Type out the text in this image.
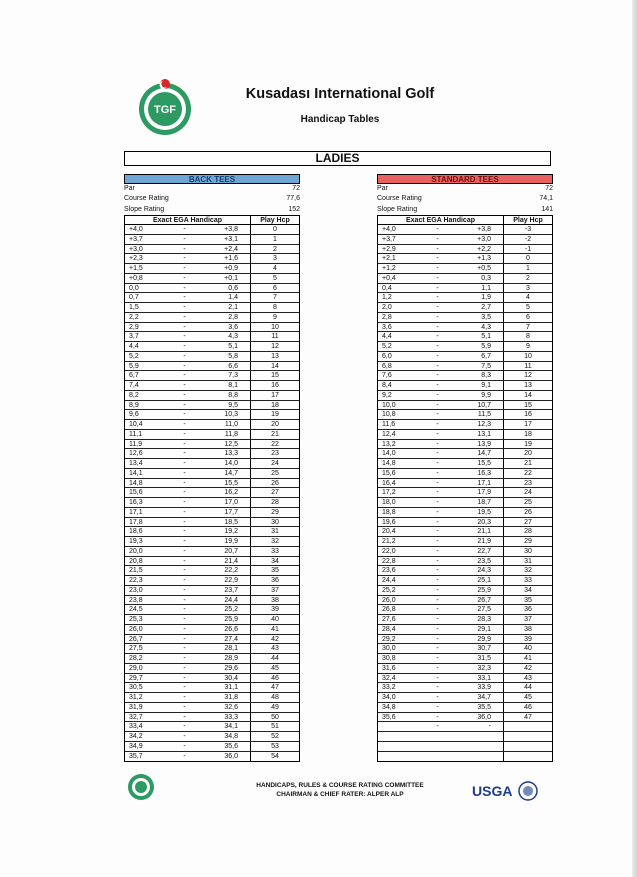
TGF
Kusadası International Golf
Handicap Tables
LADIES
BACK TEES
Par	72
Course Rating	77,6
Slope Rating	152
Exact EGA Handicap	Play Hcp
+4,0	-	+3,8	0
+3,7	-	+3,1	1
+3,0	-	+2,4	2
+2,3	-	+1,6	3
+1,5	-	+0,9	4
+0,8	-	+0,1	5
0,0	-	0,6	6
0,7	-	1,4	7
1,5	-	2,1	8
2,2	-	2,8	9
2,9	-	3,6	10
3,7	-	4,3	11
4,4	-	5,1	12
5,2	-	5,8	13
5,9	-	6,6	14
6,7	-	7,3	15
7,4	-	8,1	16
8,2	-	8,8	17
8,9	-	9,5	18
9,6	-	10,3	19
10,4	-	11,0	20
11,1	-	11,8	21
11,9	-	12,5	22
12,6	-	13,3	23
13,4	-	14,0	24
14,1	-	14,7	25
14,8	-	15,5	26
15,6	-	16,2	27
16,3	-	17,0	28
17,1	-	17,7	29
17,8	-	18,5	30
18,6	-	19,2	31
19,3	-	19,9	32
20,0	-	20,7	33
20,8	-	21,4	34
21,5	-	22,2	35
22,3	-	22,9	36
23,0	-	23,7	37
23,8	-	24,4	38
24,5	-	25,2	39
25,3	-	25,9	40
26,0	-	26,6	41
26,7	-	27,4	42
27,5	-	28,1	43
28,2	-	28,9	44
29,0	-	29,6	45
29,7	-	30,4	46
30,5	-	31,1	47
31,2	-	31,8	48
31,9	-	32,6	49
32,7	-	33,3	50
33,4	-	34,1	51
34,2	-	34,8	52
34,9	-	35,6	53
35,7	-	36,0	54
STANDARD TEES
Par	72
Course Rating	74,1
Slope Rating	141
Exact EGA Handicap	Play Hcp
+4,0	-	+3,8	-3
+3,7	-	+3,0	-2
+2,9	-	+2,2	-1
+2,1	-	+1,3	0
+1,2	-	+0,5	1
+0,4	-	0,3	2
0,4	-	1,1	3
1,2	-	1,9	4
2,0	-	2,7	5
2,8	-	3,5	6
3,6	-	4,3	7
4,4	-	5,1	8
5,2	-	5,9	9
6,0	-	6,7	10
6,8	-	7,5	11
7,6	-	8,3	12
8,4	-	9,1	13
9,2	-	9,9	14
10,0	-	10,7	15
10,8	-	11,5	16
11,6	-	12,3	17
12,4	-	13,1	18
13,2	-	13,9	19
14,0	-	14,7	20
14,8	-	15,5	21
15,6	-	16,3	22
16,4	-	17,1	23
17,2	-	17,9	24
18,0	-	18,7	25
18,8	-	19,5	26
19,6	-	20,3	27
20,4	-	21,1	28
21,2	-	21,9	29
22,0	-	22,7	30
22,8	-	23,5	31
23,6	-	24,3	32
24,4	-	25,1	33
25,2	-	25,9	34
26,0	-	26,7	35
26,8	-	27,5	36
27,6	-	28,3	37
28,4	-	29,1	38
29,2	-	29,9	39
30,0	-	30,7	40
30,8	-	31,5	41
31,6	-	32,3	42
32,4	-	33,1	43
33,2	-	33,9	44
34,0	-	34,7	45
34,8	-	35,5	46
35,6	-	36,0	47
-	-
HANDICAPS, RULES & COURSE RATING COMMITTEE
CHAIRMAN & CHIEF RATER: ALPER ALP	USGA
